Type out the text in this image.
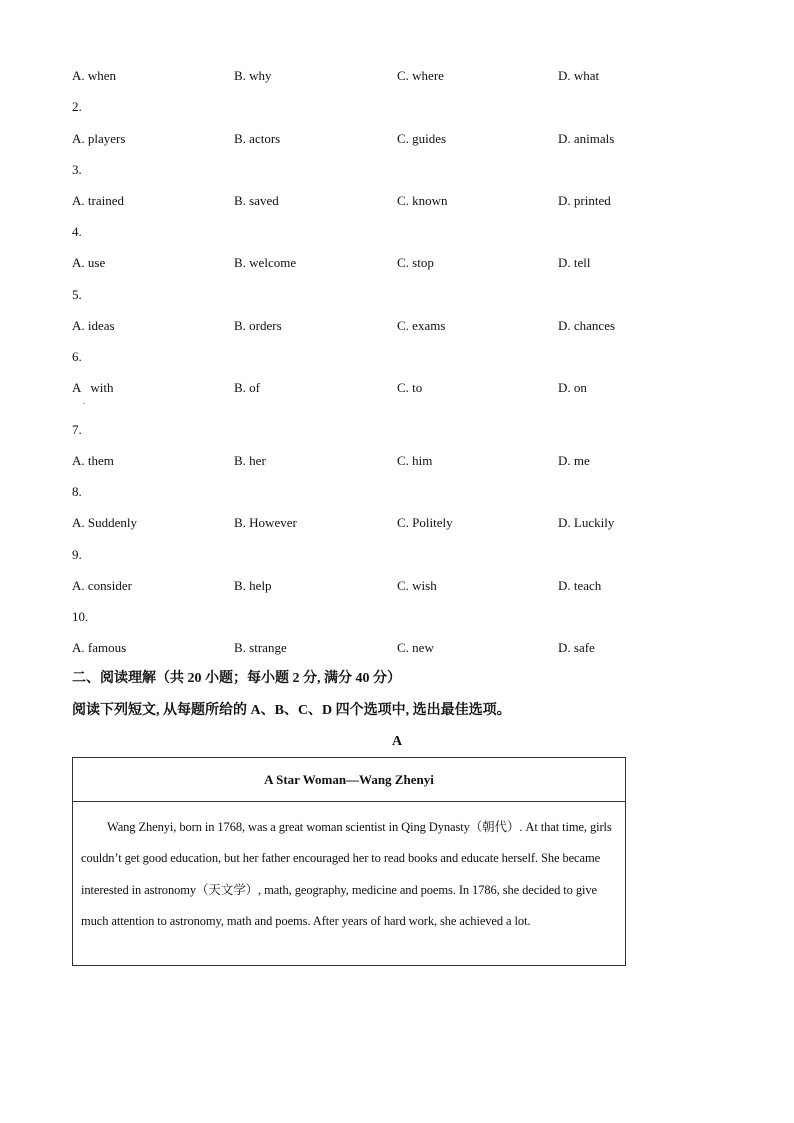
A. when	B. why	C. where	D. what
2.
A. players	B. actors	C. guides	D. animals
3.
A. trained	B. saved	C. known	D. printed
4.
A. use	B. welcome	C. stop	D. tell
5.
A. ideas	B. orders	C. exams	D. chances
6.
A   with	B. of	C. to	D. on
.
7.
A. them	B. her	C. him	D. me
8.
A. Suddenly	B. However	C. Politely	D. Luckily
9.
A. consider	B. help	C. wish	D. teach
10.
A. famous	B. strange	C. new	D. safe
二、阅读理解（共 20 小题；每小题 2 分, 满分 40 分）
阅读下列短文, 从每题所给的 A、B、C、D 四个选项中, 选出最佳选项。
A
A Star Woman—Wang Zhenyi
Wang Zhenyi, born in 1768, was a great woman scientist in Qing Dynasty（朝代）. At that time, girls couldn’t get good education, but her father encouraged her to read books and educate herself. She became interested in astronomy（天文学）, math, geography, medicine and poems. In 1786, she decided to give much attention to astronomy, math and poems. After years of hard work, she achieved a lot.
